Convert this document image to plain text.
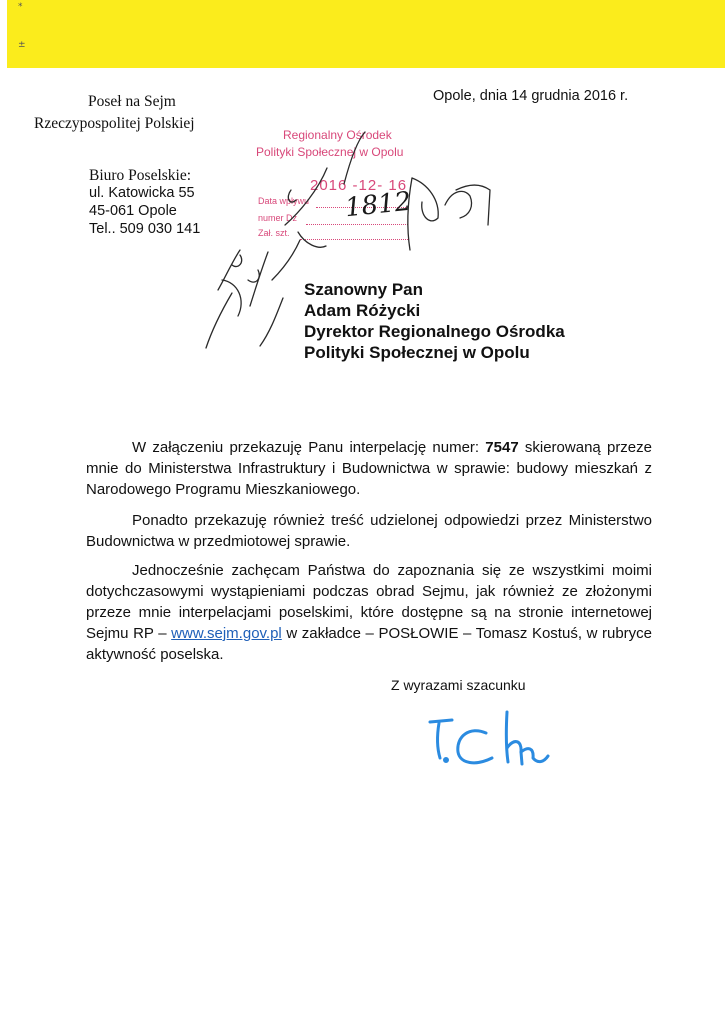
*
±
Poseł na Sejm
Rzeczypospolitej Polskiej
Biuro Poselskie:
ul. Katowicka 55
45-061 Opole
Tel.. 509 030 141
Opole, dnia 14 grudnia 2016 r.
Regionalny Ośrodek
Polityki Społecznej w Opolu
2016 -12- 16
Data wpływu
numer Dz
Zał. szt.
1812
Szanowny Pan
Adam Różycki
Dyrektor Regionalnego Ośrodka
Polityki Społecznej w Opolu

W załączeniu przekazuję Panu interpelację numer: 7547 skierowaną przeze mnie do Ministerstwa Infrastruktury i Budownictwa w sprawie: budowy mieszkań z Narodowego Programu Mieszkaniowego.

Ponadto przekazuję również treść udzielonej odpowiedzi przez Ministerstwo Budownictwa w przedmiotowej sprawie.

Jednocześnie zachęcam Państwa do zapoznania się ze wszystkimi moimi dotychczasowymi wystąpieniami podczas obrad Sejmu, jak również ze złożonymi przeze mnie interpelacjami poselskimi, które dostępne są na stronie internetowej Sejmu RP – www.sejm.gov.pl w zakładce – POSŁOWIE – Tomasz Kostuś, w rubryce aktywność poselska.

Z wyrazami szacunku
